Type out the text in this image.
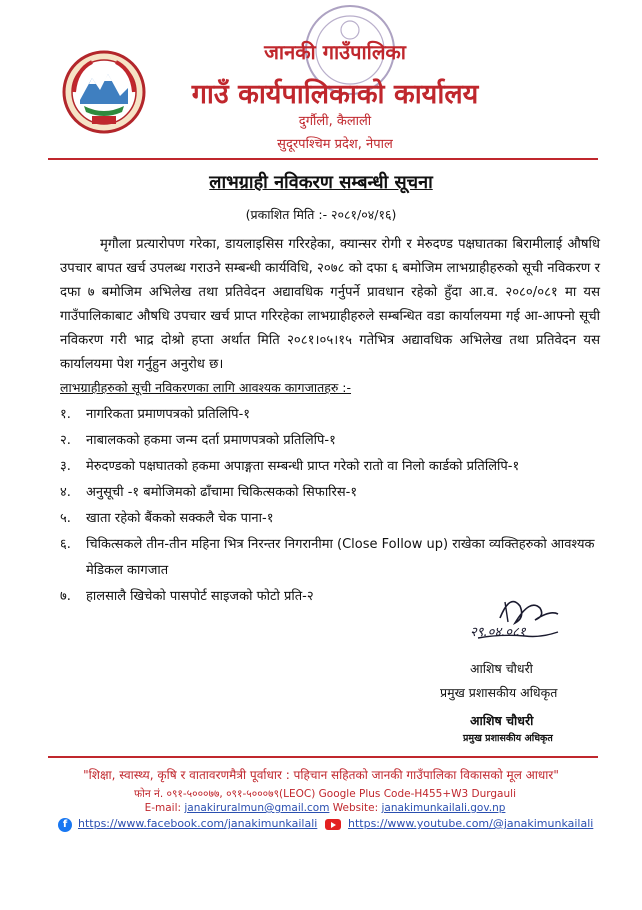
जानकी गाउँपालिका
गाउँ कार्यपालिकाको कार्यालय
दुर्गौली, कैलाली
सुदूरपश्चिम प्रदेश, नेपाल
लाभग्राही नविकरण सम्बन्धी सूचना
(प्रकाशित मिति :- २०८१/०४/१६)
मृगौला प्रत्यारोपण गरेका, डायलाइसिस गरिरहेका, क्यान्सर रोगी र मेरुदण्ड पक्षघातका बिरामीलाई औषधि उपचार बापत खर्च उपलब्ध गराउने सम्बन्धी कार्यविधि, २०७८ को दफा ६ बमोजिम लाभग्राहीहरुको सूची नविकरण र दफा ७ बमोजिम अभिलेख तथा प्रतिवेदन अद्यावधिक गर्नुपर्ने प्रावधान रहेको हुँदा आ.व. २०८०/०८१ मा यस गाउँपालिकाबाट औषधि उपचार खर्च प्राप्त गरिरहेका लाभग्राहीहरुले सम्बन्धित वडा कार्यालयमा गई आ-आफ्नो सूची नविकरण गरी भाद्र दोश्रो हप्ता अर्थात मिति २०८१।०५।१५ गतेभित्र अद्यावधिक अभिलेख तथा प्रतिवेदन यस कार्यालयमा पेश गर्नुहुन अनुरोध छ।
लाभग्राहीहरुको सूची नविकरणका लागि आवश्यक कागजातहरु :-
१.	नागरिकता प्रमाणपत्रको प्रतिलिपि-१
२.	नाबालकको हकमा जन्म दर्ता प्रमाणपत्रको प्रतिलिपि-१
३.	मेरुदण्डको पक्षघातको हकमा अपाङ्गता सम्बन्धी प्राप्त गरेको रातो वा निलो कार्डको प्रतिलिपि-१
४.	अनुसूची -१ बमोजिमको ढाँचामा चिकित्सकको सिफारिस-१
५.	खाता रहेको बैंकको सक्कलै चेक पाना-१
६.	चिकित्सकले तीन-तीन महिना भित्र निरन्तर निगरानीमा (Close Follow up) राखेका व्यक्तिहरुको आवश्यक मेडिकल कागजात
७.	हालसालै खिचेको पासपोर्ट साइजको फोटो प्रति-२
२९.०४.०८१
आशिष चौधरी
प्रमुख प्रशासकीय अधिकृत
आशिष चौधरी
प्रमुख प्रशासकीय अधिकृत
"शिक्षा, स्वास्थ्य, कृषि र वातावरणमैत्री पूर्वाधार : पहिचान सहितको जानकी गाउँपालिका विकासको मूल आधार"
फोन नं. ०९१-५०००७७, ०९१-५०००७९(LEOC) Google Plus Code-H455+W3 Durgauli
E-mail: janakiruralmun@gmail.com Website: janakimunkailali.gov.np
f https://www.facebook.com/janakimunkailali	https://www.youtube.com/@janakimunkailali
